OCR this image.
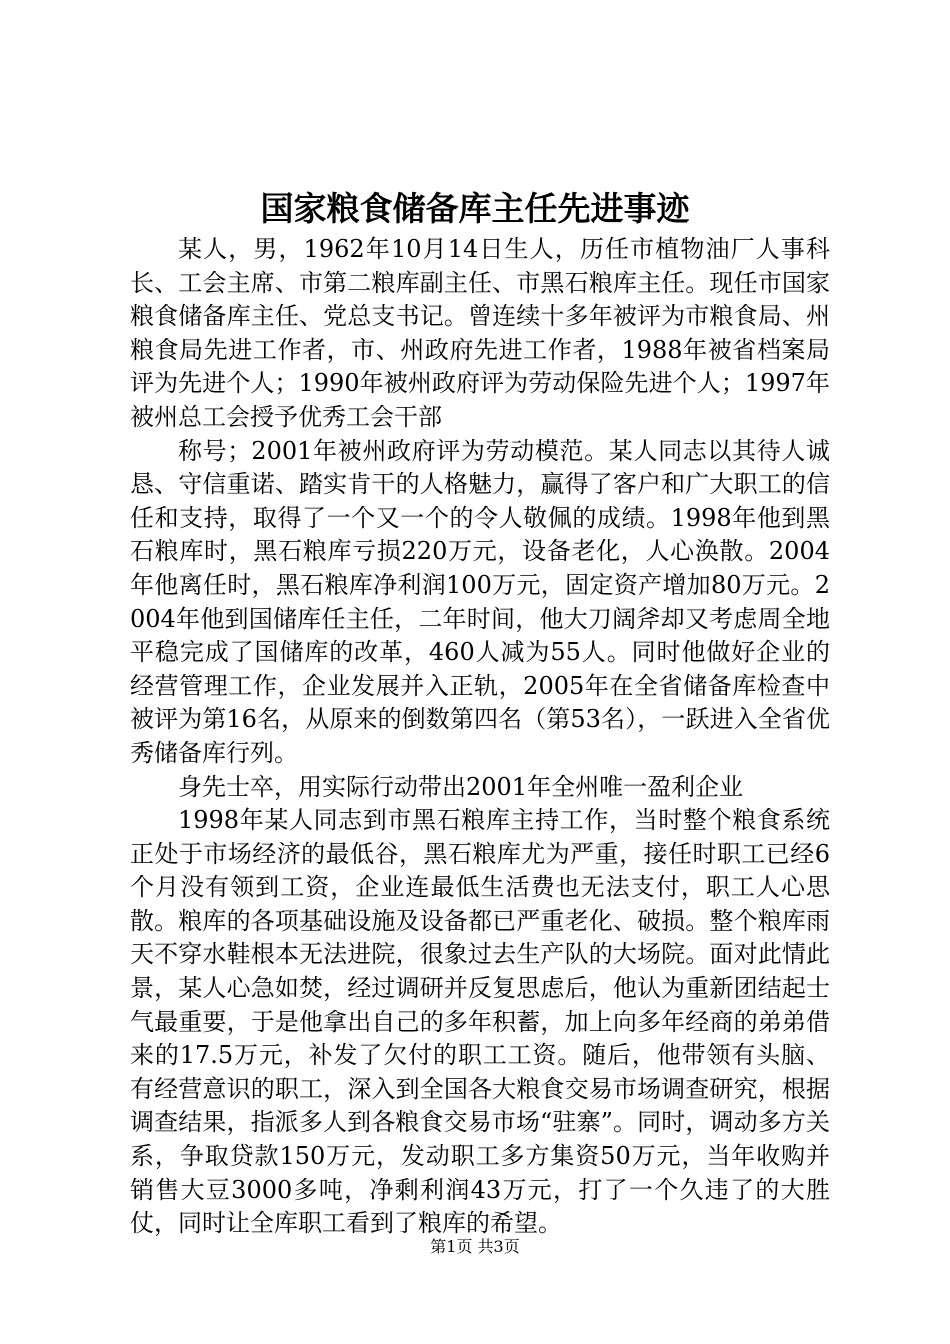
国家粮食储备库主任先进事迹

某人，男，1962年10月14日生人，历任市植物油厂人事科长、工会主席、市第二粮库副主任、市黑石粮库主任。现任市国家粮食储备库主任、党总支书记。曾连续十多年被评为市粮食局、州粮食局先进工作者，市、州政府先进工作者，1988年被省档案局评为先进个人；1990年被州政府评为劳动保险先进个人；1997年被州总工会授予优秀工会干部

称号；2001年被州政府评为劳动模范。某人同志以其待人诚恳、守信重诺、踏实肯干的人格魅力，赢得了客户和广大职工的信任和支持，取得了一个又一个的令人敬佩的成绩。1998年他到黑石粮库时，黑石粮库亏损220万元，设备老化，人心涣散。2004年他离任时，黑石粮库净利润100万元，固定资产增加80万元。2004年他到国储库任主任，二年时间，他大刀阔斧却又考虑周全地平稳完成了国储库的改革，460人减为55人。同时他做好企业的经营管理工作，企业发展并入正轨，2005年在全省储备库检查中被评为第16名，从原来的倒数第四名（第53名），一跃进入全省优秀储备库行列。

身先士卒，用实际行动带出2001年全州唯一盈利企业

1998年某人同志到市黑石粮库主持工作，当时整个粮食系统正处于市场经济的最低谷，黑石粮库尤为严重，接任时职工已经6个月没有领到工资，企业连最低生活费也无法支付，职工人心思散。粮库的各项基础设施及设备都已严重老化、破损。整个粮库雨天不穿水鞋根本无法进院，很象过去生产队的大场院。面对此情此景，某人心急如焚，经过调研并反复思虑后，他认为重新团结起士气最重要，于是他拿出自己的多年积蓄，加上向多年经商的弟弟借来的17.5万元，补发了欠付的职工工资。随后，他带领有头脑、有经营意识的职工，深入到全国各大粮食交易市场调查研究，根据调查结果，指派多人到各粮食交易市场“驻寨”。同时，调动多方关系，争取贷款150万元，发动职工多方集资50万元，当年收购并销售大豆3000多吨，净剩利润43万元，打了一个久违了的大胜仗，同时让全库职工看到了粮库的希望。

第1页 共3页
